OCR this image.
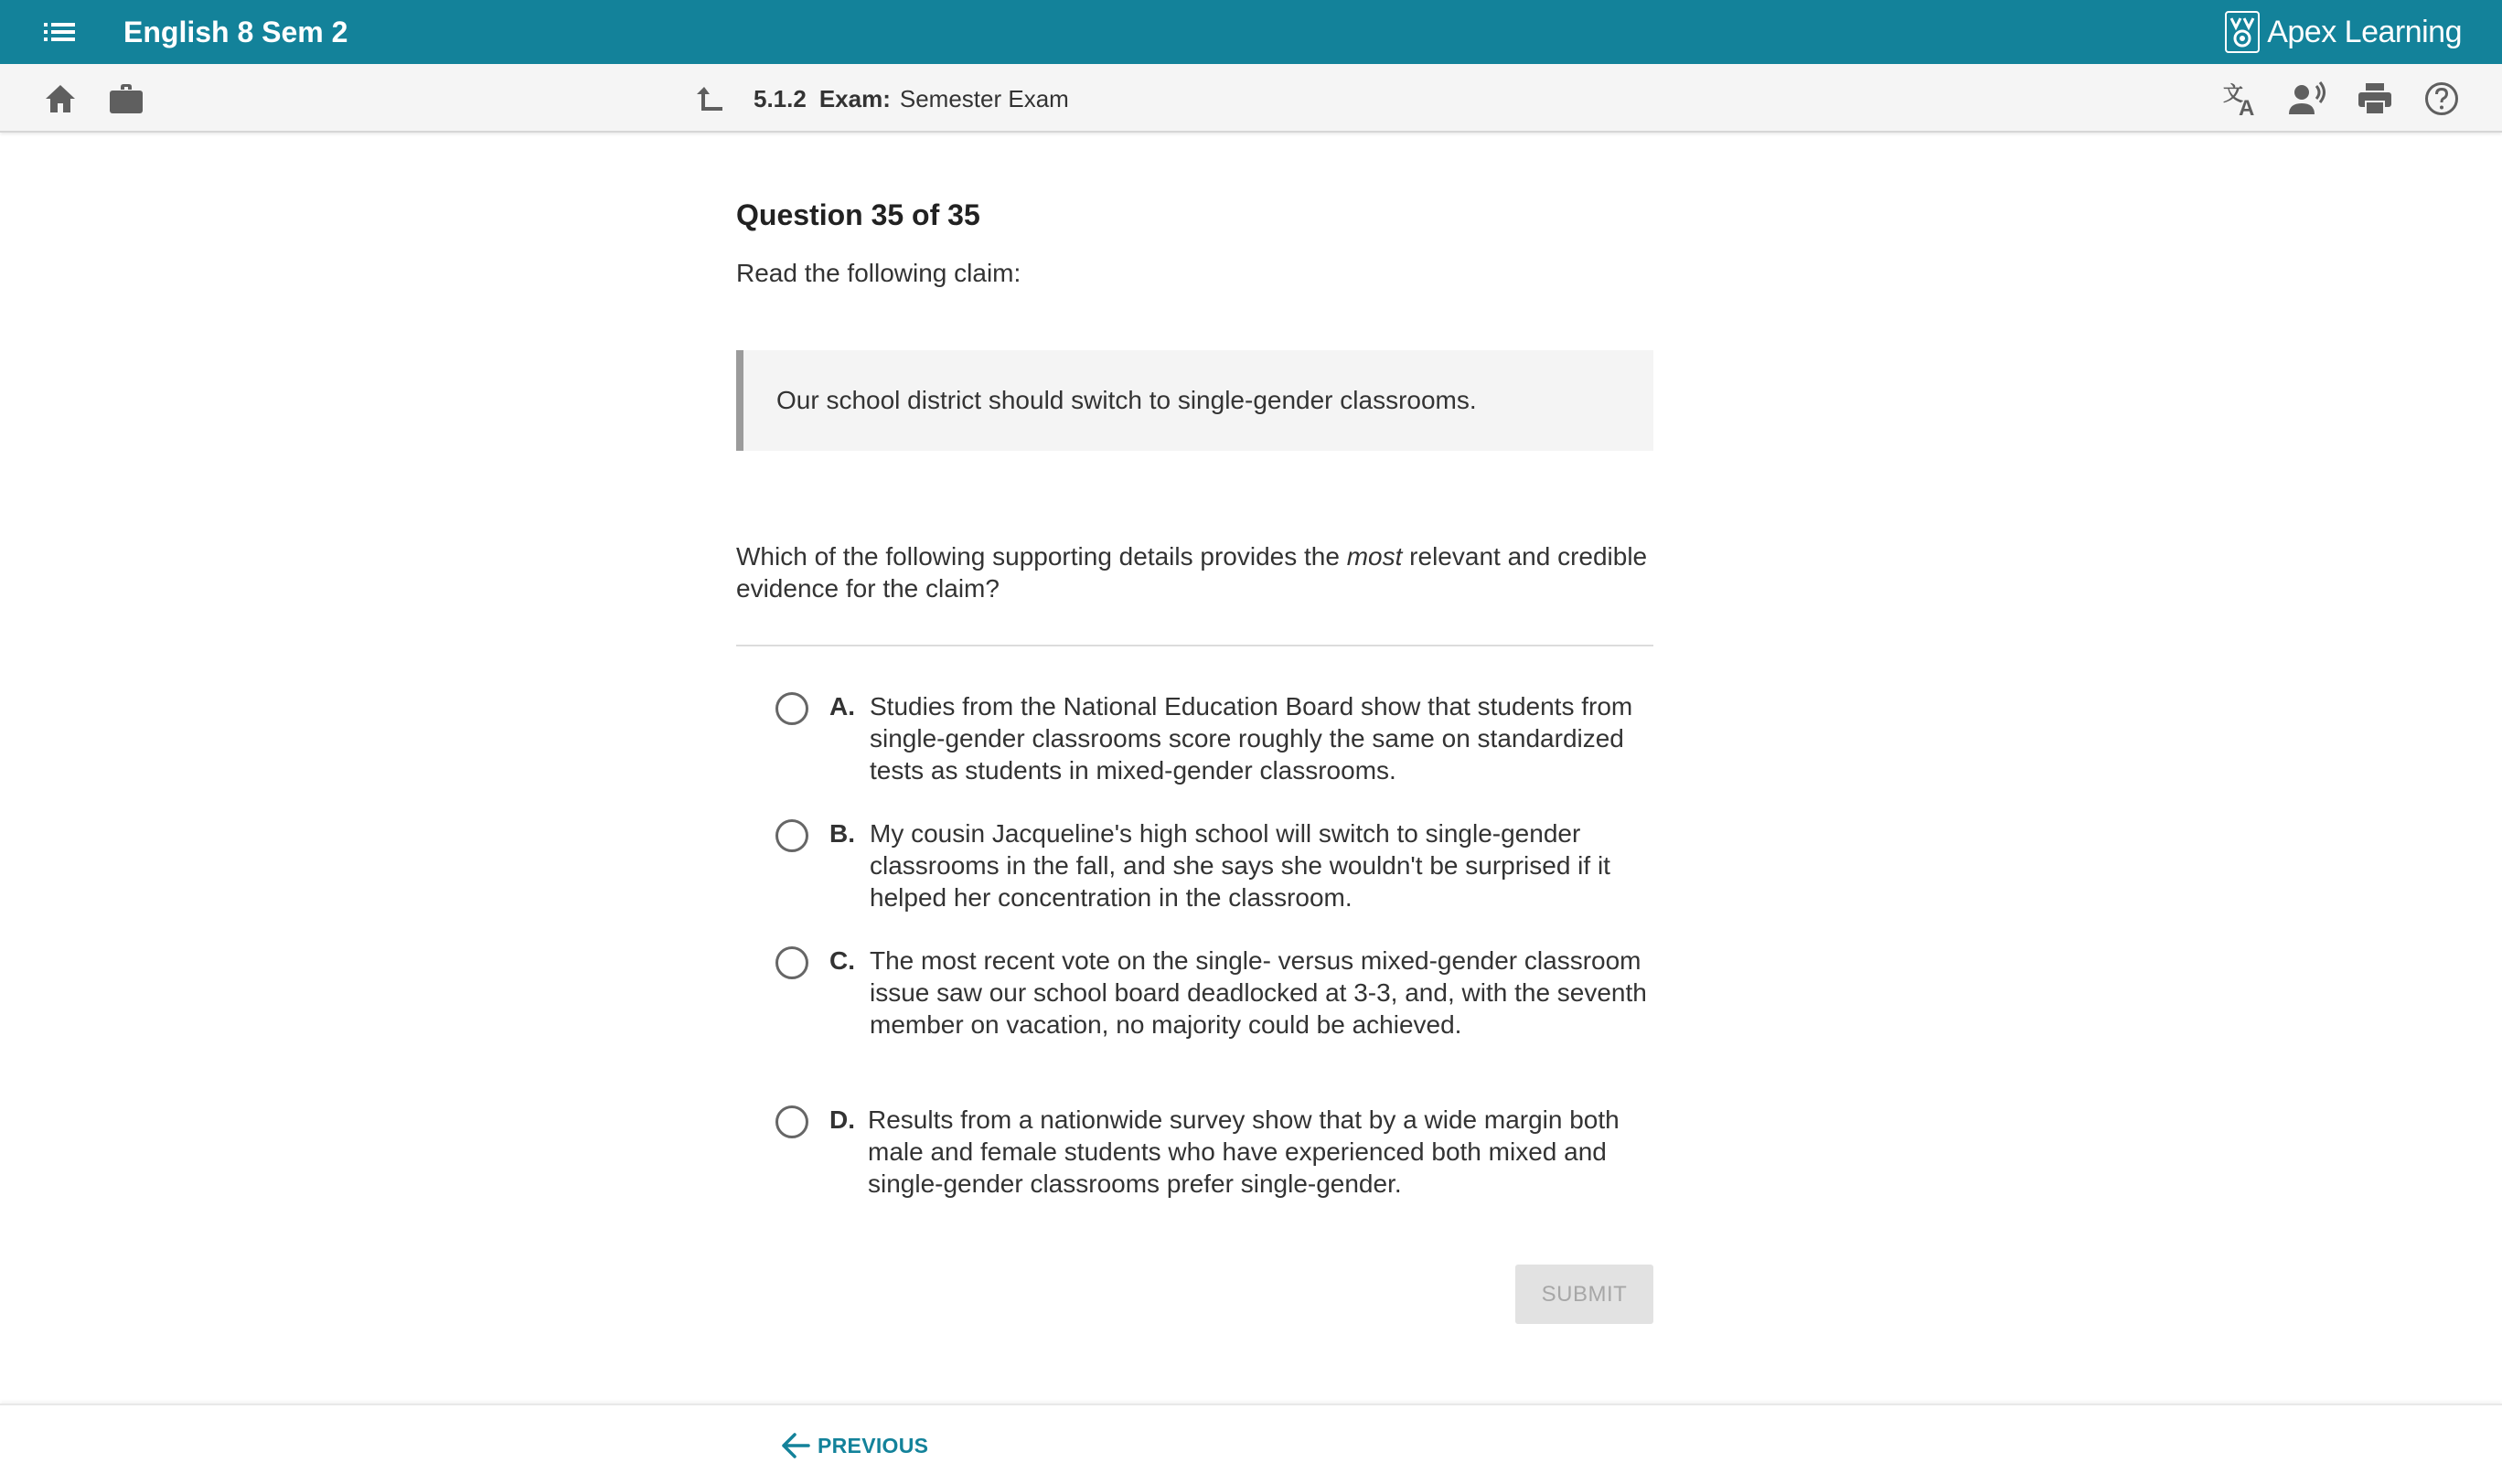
English 8 Sem 2	Apex Learning
5.1.2 Exam: Semester Exam	文
A
Question 35 of 35

Read the following claim:

Our school district should switch to single-gender classrooms.

Which of the following supporting details provides the most relevant and credible evidence for the claim?

A. Studies from the National Education Board show that students from single-gender classrooms score roughly the same on standardized tests as students in mixed-gender classrooms.
B. My cousin Jacqueline's high school will switch to single-gender classrooms in the fall, and she says she wouldn't be surprised if it helped her concentration in the classroom.
C. The most recent vote on the single- versus mixed-gender classroom issue saw our school board deadlocked at 3-3, and, with the seventh member on vacation, no majority could be achieved.
D. Results from a nationwide survey show that by a wide margin both male and female students who have experienced both mixed and single-gender classrooms prefer single-gender.
SUBMIT
PREVIOUS
